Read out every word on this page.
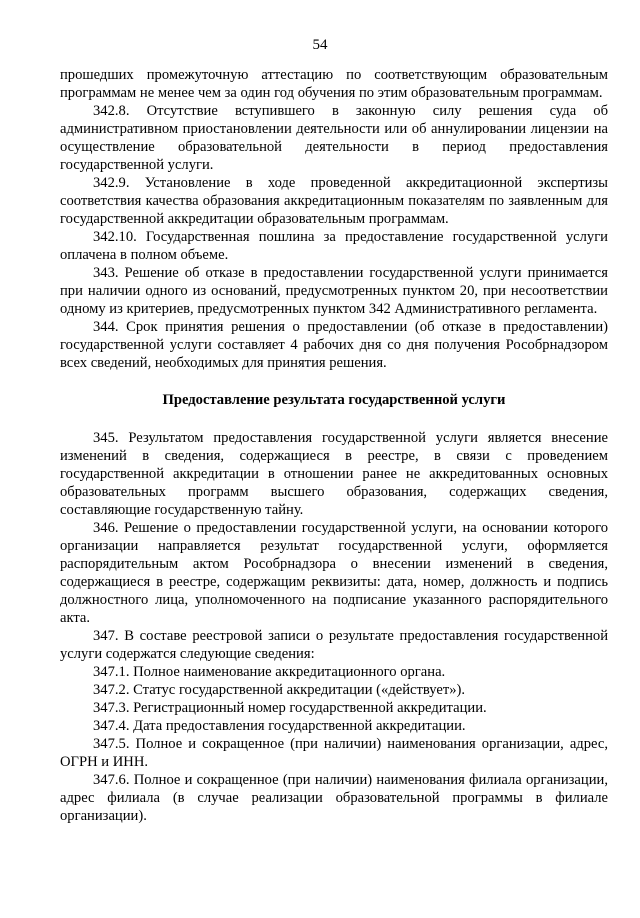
54

прошедших промежуточную аттестацию по соответствующим образовательным программам не менее чем за один год обучения по этим образовательным программам.

342.8. Отсутствие вступившего в законную силу решения суда об административном приостановлении деятельности или об аннулировании лицензии на осуществление образовательной деятельности в период предоставления государственной услуги.

342.9. Установление в ходе проведенной аккредитационной экспертизы соответствия качества образования аккредитационным показателям по заявленным для государственной аккредитации образовательным программам.

342.10. Государственная пошлина за предоставление государственной услуги оплачена в полном объеме.

343. Решение об отказе в предоставлении государственной услуги принимается при наличии одного из оснований, предусмотренных пунктом 20, при несоответствии одному из критериев, предусмотренных пунктом 342 Административного регламента.

344. Срок принятия решения о предоставлении (об отказе в предоставлении) государственной услуги составляет 4 рабочих дня со дня получения Рособрнадзором всех сведений, необходимых для принятия решения.

Предоставление результата государственной услуги

345. Результатом предоставления государственной услуги является внесение изменений в сведения, содержащиеся в реестре, в связи с проведением государственной аккредитации в отношении ранее не аккредитованных основных образовательных программ высшего образования, содержащих сведения, составляющие государственную тайну.

346. Решение о предоставлении государственной услуги, на основании которого организации направляется результат государственной услуги, оформляется распорядительным актом Рособрнадзора о внесении изменений в сведения, содержащиеся в реестре, содержащим реквизиты: дата, номер, должность и подпись должностного лица, уполномоченного на подписание указанного распорядительного акта.

347. В составе реестровой записи о результате предоставления государственной услуги содержатся следующие сведения:

347.1. Полное наименование аккредитационного органа.

347.2. Статус государственной аккредитации («действует»).

347.3. Регистрационный номер государственной аккредитации.

347.4. Дата предоставления государственной аккредитации.

347.5. Полное и сокращенное (при наличии) наименования организации, адрес, ОГРН и ИНН.

347.6. Полное и сокращенное (при наличии) наименования филиала организации, адрес филиала (в случае реализации образовательной программы в филиале организации).
